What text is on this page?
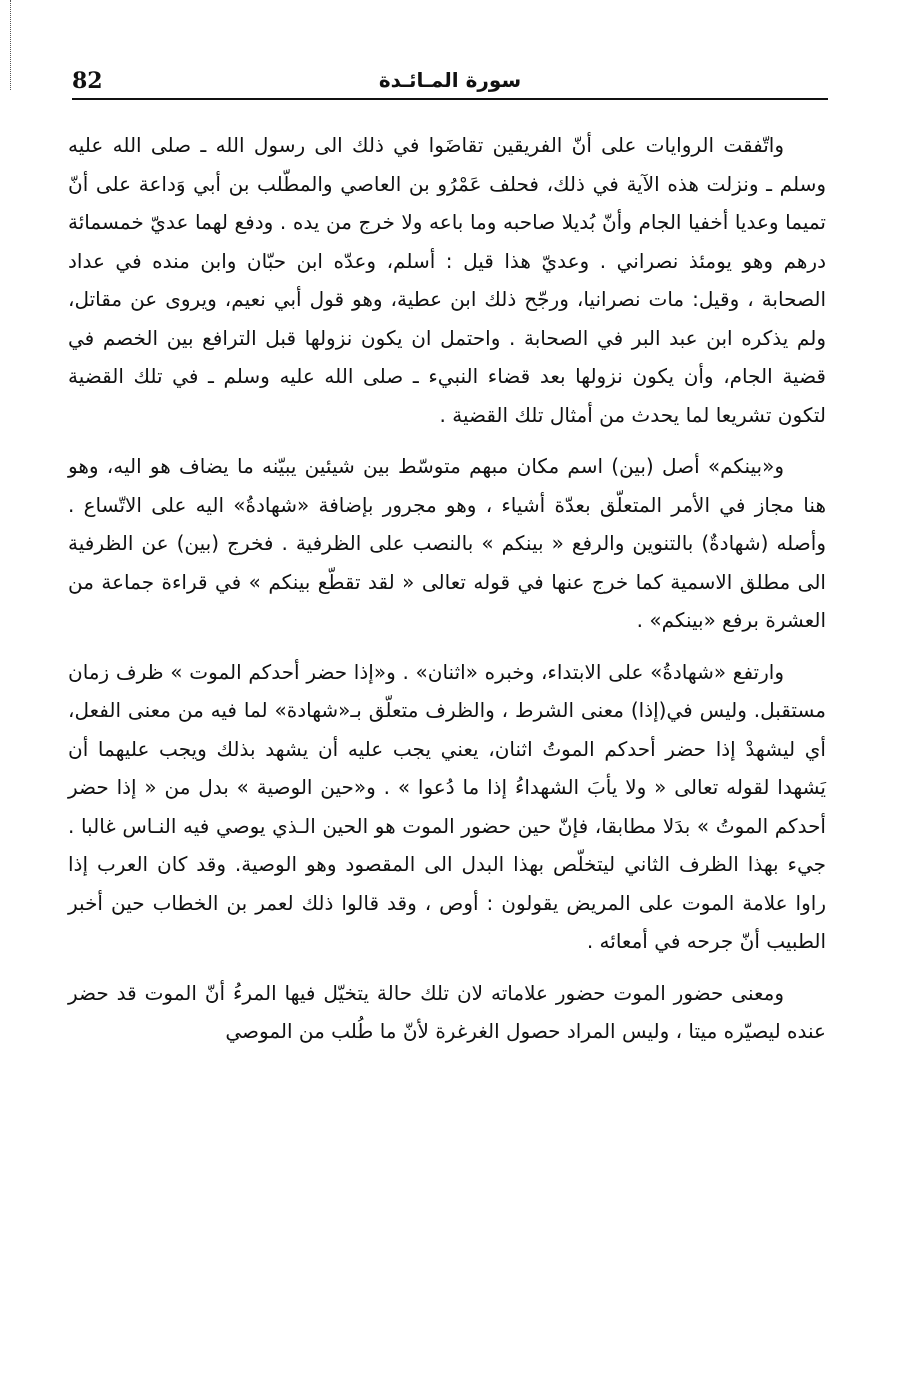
82	سورة المـائـدة

واتّفقت الروايات على أنّ الفريقين تقاضَوا في ذلك الى رسول الله ـ صلى الله عليه وسلم ـ ونزلت هذه الآية في ذلك، فحلف عَمْرُو بن العاصي والمطّلب بن أبي وَداعة على أنّ تميما وعديا أخفيا الجام وأنّ بُديلا صاحبه وما باعه ولا خرج من يده . ودفع لهما عديّ خمسمائة درهم وهو يومئذ نصراني . وعديّ هذا قيل : أسلم، وعدّه ابن حبّان وابن منده في عداد الصحابة ، وقيل: مات نصرانيا، ورجّح ذلك ابن عطية، وهو قول أبي نعيم، ويروى عن مقاتل، ولم يذكره ابن عبد البر في الصحابة . واحتمل ان يكون نزولها قبل الترافع بين الخصم في قضية الجام، وأن يكون نزولها بعد قضاء النبيء ـ صلى الله عليه وسلم ـ في تلك القضية لتكون تشريعا لما يحدث من أمثال تلك القضية .

و«بينكم» أصل (بين) اسم مكان مبهم متوسّط بين شيئين يبيّنه ما يضاف هو اليه، وهو هنا مجاز في الأمر المتعلّق بعدّة أشياء ، وهو مجرور بإضافة «شهادةُ» اليه على الاتّساع . وأصله (شهادةٌ) بالتنوين والرفع « بينكم » بالنصب على الظرفية . فخرج (بين) عن الظرفية الى مطلق الاسمية كما خرج عنها في قوله تعالى « لقد تقطّع بينكم » في قراءة جماعة من العشرة برفع «بينكم» .

وارتفع «شهادةُ» على الابتداء، وخبره «اثنان» . و«إذا حضر أحدكم الموت » ظرف زمان مستقبل. وليس في(إذا) معنى الشرط ، والظرف متعلّق بـ«شهادة» لما فيه من معنى الفعل، أي ليشهدْ إذا حضر أحدكم الموتُ اثنان، يعني يجب عليه أن يشهد بذلك ويجب عليهما أن يَشهدا لقوله تعالى « ولا يأبَ الشهداءُ إذا ما دُعوا » . و«حين الوصية » بدل من « إذا حضر أحدكم الموتُ » بدَلا مطابقا، فإنّ حين حضور الموت هو الحين الـذي يوصي فيه النـاس غالبا . جيء بهذا الظرف الثاني ليتخلّص بهذا البدل الى المقصود وهو الوصية. وقد كان العرب إذا راوا علامة الموت على المريض يقولون : أوص ، وقد قالوا ذلك لعمر بن الخطاب حين أخبر الطبيب أنّ جرحه في أمعائه .

ومعنى حضور الموت حضور علاماته لان تلك حالة يتخيّل فيها المرءُ أنّ الموت قد حضر عنده ليصيّره ميتا ، وليس المراد حصول الغرغرة لأنّ ما طُلب من الموصي
